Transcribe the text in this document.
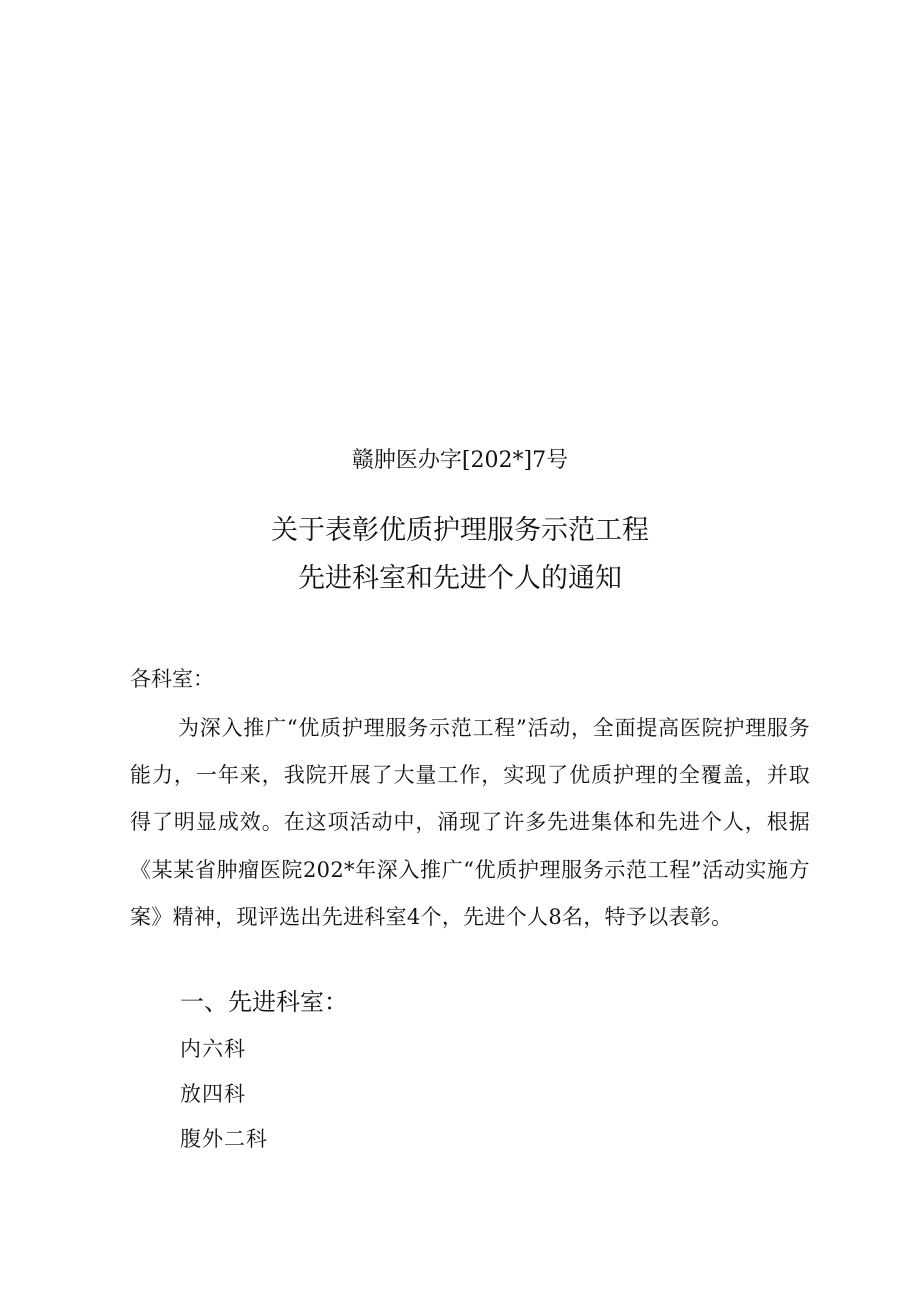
赣肿医办字[202*]7号
关于表彰优质护理服务示范工程
先进科室和先进个人的通知
各科室：

为深入推广“优质护理服务示范工程”活动，全面提高医院护理服务能力，一年来，我院开展了大量工作，实现了优质护理的全覆盖，并取得了明显成效。在这项活动中，涌现了许多先进集体和先进个人，根据《某某省肿瘤医院202*年深入推广“优质护理服务示范工程”活动实施方案》精神，现评选出先进科室4个，先进个人8名，特予以表彰。

一、先进科室：
内六科
放四科
腹外二科
